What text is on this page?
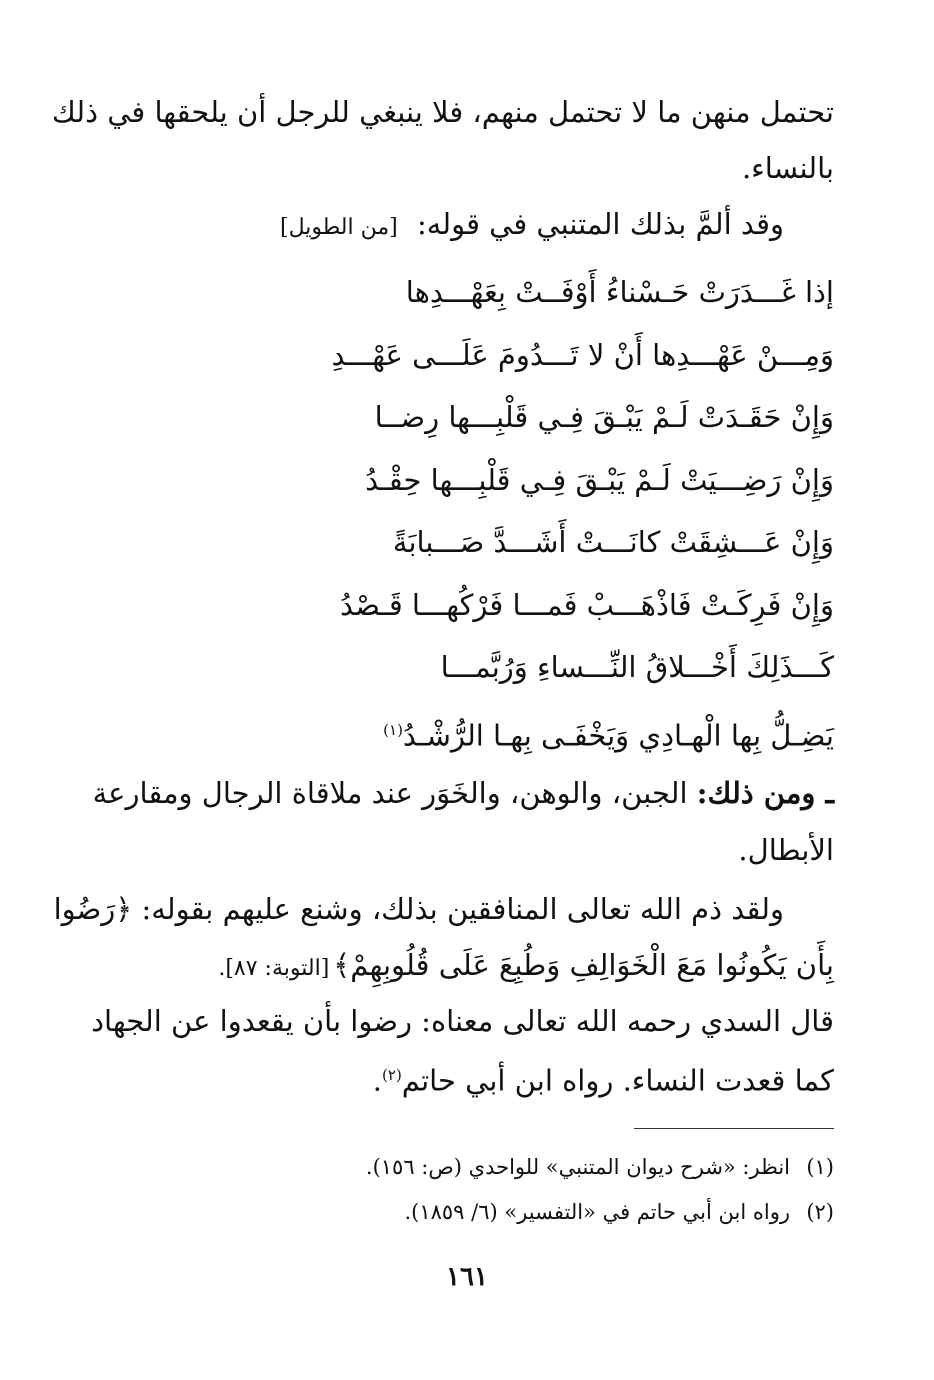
تحتمل منهن ما لا تحتمل منهم، فلا ينبغي للرجل أن يلحقها في ذلك
بالنساء.
وقد ألمَّ بذلك المتنبي في قوله: [من الطويل]
إذا غَـــدَرَتْ حَـسْناءُ أَوْفَــتْ بِعَهْـــدِها
وَمِـــنْ عَهْـــدِها أَنْ لا تَـــدُومَ عَلَـــى عَهْـــدِ
وَإِنْ حَقَـدَتْ لَـمْ يَبْـقَ فِـي قَلْبِـــها رِضــا
وَإِنْ رَضِـــيَتْ لَـمْ يَبْـقَ فِـي قَلْبِـــها حِقْـدُ
وَإِنْ عَـــشِقَتْ كانَـــتْ أَشَـــدَّ صَـــبابَةً
وَإِنْ فَرِكَـتْ فَاذْهَـــبْ فَمـــا فَرْكُهـــا قَـصْدُ
كَـــذَلِكَ أَخْـــلاقُ النِّـــساءِ وَرُبَّمـــا
يَضِـلُّ بِها الْهـادِي وَيَخْفَـى بِهـا الرُّشْـدُ$^{(١)}$
ـ ومن ذلك: الجبن، والوهن، والخَوَر عند ملاقاة الرجال ومقارعة
الأبطال.
ولقد ذم الله تعالى المنافقين بذلك، وشنع عليهم بقوله: ﴿رَضُوا
بِأَن يَكُونُوا مَعَ الْخَوَالِفِ وَطُبِعَ عَلَى قُلُوبِهِمْ﴾[التوبة: ٨٧].
قال السدي رحمه الله تعالى معناه: رضوا بأن يقعدوا عن الجهاد
كما قعدت النساء. رواه ابن أبي حاتم$^{(٢)}$.
(١)انظر: «شرح ديوان المتنبي» للواحدي (ص: ١٥٦).
(٢)رواه ابن أبي حاتم في «التفسير» (٦/ ١٨٥٩).
١٦١
